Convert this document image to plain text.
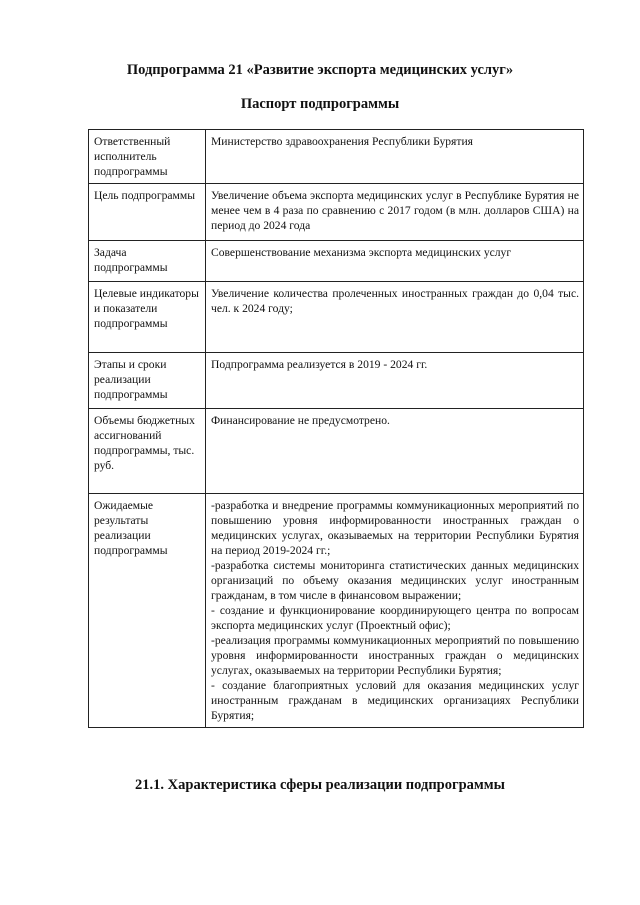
Подпрограмма 21 «Развитие экспорта медицинских услуг»
Паспорт подпрограммы
Ответственный исполнитель подпрограммы	Министерство здравоохранения Республики Бурятия
Цель подпрограммы	Увеличение объема экспорта медицинских услуг в Республике Бурятия не менее чем в 4 раза по сравнению с 2017 годом (в млн. долларов США) на период до 2024 года
Задача подпрограммы	Совершенствование механизма экспорта медицинских услуг
Целевые индикаторы и показатели подпрограммы	Увеличение количества пролеченных иностранных граждан до 0,04 тыс. чел. к 2024 году;
Этапы и сроки реализации подпрограммы	Подпрограмма реализуется в 2019 - 2024 гг.
Объемы бюджетных ассигнований подпрограммы, тыс. руб.	Финансирование не предусмотрено.
Ожидаемые результаты реализации подпрограммы	-разработка и внедрение программы коммуникационных мероприятий по повышению уровня информированности иностранных граждан о медицинских услугах, оказываемых на территории Республики Бурятия на период 2019-2024 гг.;
-разработка системы мониторинга статистических данных медицинских организаций по объему оказания медицинских услуг иностранным гражданам, в том числе в финансовом выражении;
- создание и функционирование координирующего центра по вопросам экспорта медицинских услуг (Проектный офис);
-реализация программы коммуникационных мероприятий по повышению уровня информированности иностранных граждан о медицинских услугах, оказываемых на территории Республики Бурятия;
- создание благоприятных условий для оказания медицинских услуг иностранным гражданам в медицинских организациях Республики Бурятия;
21.1. Характеристика сферы реализации подпрограммы
